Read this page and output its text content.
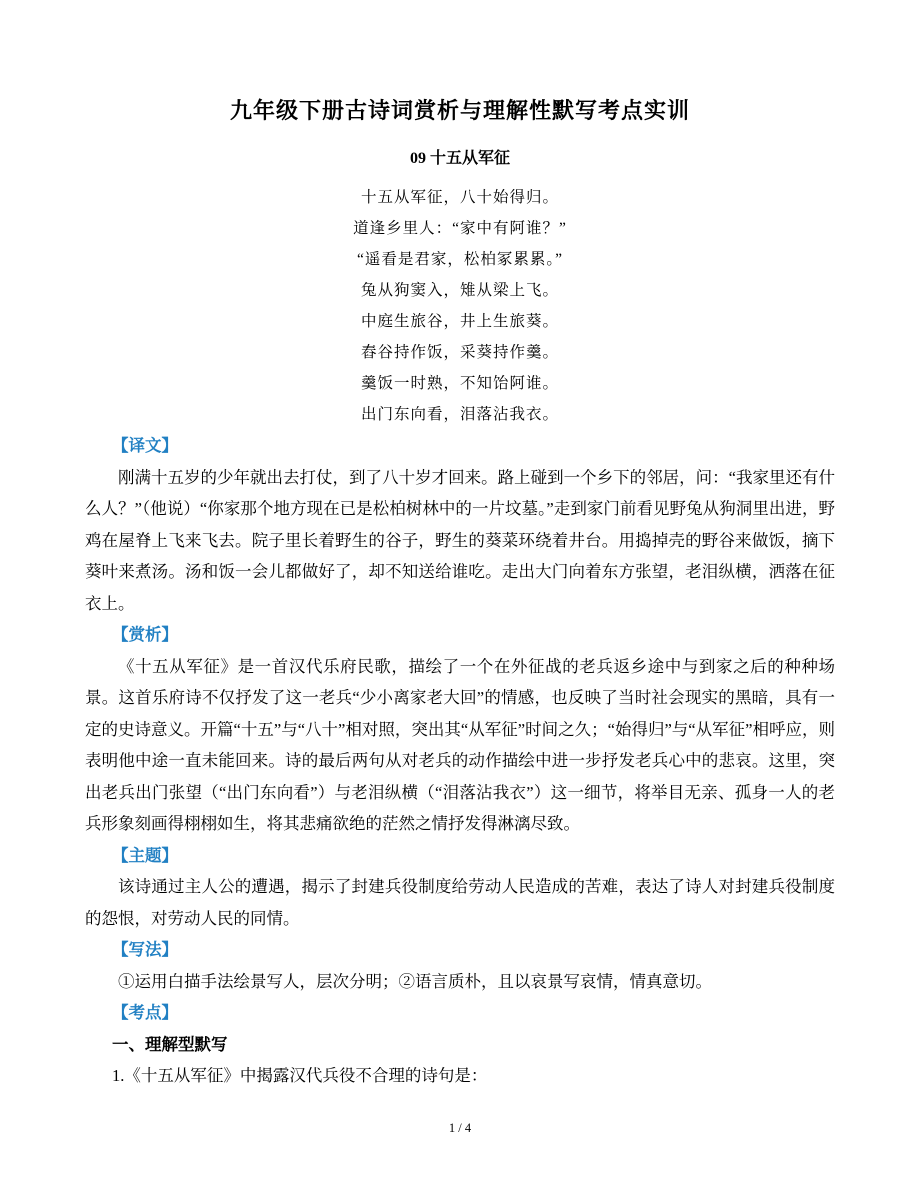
九年级下册古诗词赏析与理解性默写考点实训
09 十五从军征

十五从军征，八十始得归。

道逢乡里人：“家中有阿谁？”

“遥看是君家，松柏冢累累。”

兔从狗窦入，雉从梁上飞。

中庭生旅谷，井上生旅葵。

舂谷持作饭，采葵持作羹。

羹饭一时熟，不知饴阿谁。

出门东向看，泪落沾我衣。

【译文】

刚满十五岁的少年就出去打仗，到了八十岁才回来。路上碰到一个乡下的邻居，问：“我家里还有什么人？”（他说）“你家那个地方现在已是松柏树林中的一片坟墓。”走到家门前看见野兔从狗洞里出进，野鸡在屋脊上飞来飞去。院子里长着野生的谷子，野生的葵菜环绕着井台。用捣掉壳的野谷来做饭，摘下葵叶来煮汤。汤和饭一会儿都做好了，却不知送给谁吃。走出大门向着东方张望，老泪纵横，洒落在征衣上。

【赏析】

《十五从军征》是一首汉代乐府民歌，描绘了一个在外征战的老兵返乡途中与到家之后的种种场景。这首乐府诗不仅抒发了这一老兵“少小离家老大回”的情感，也反映了当时社会现实的黑暗，具有一定的史诗意义。开篇“十五”与“八十”相对照，突出其“从军征”时间之久；“始得归”与“从军征”相呼应，则表明他中途一直未能回来。诗的最后两句从对老兵的动作描绘中进一步抒发老兵心中的悲哀。这里，突出老兵出门张望（“出门东向看”）与老泪纵横（“泪落沾我衣”）这一细节，将举目无亲、孤身一人的老兵形象刻画得栩栩如生，将其悲痛欲绝的茫然之情抒发得淋漓尽致。

【主题】

该诗通过主人公的遭遇，揭示了封建兵役制度给劳动人民造成的苦难，表达了诗人对封建兵役制度的怨恨，对劳动人民的同情。

【写法】

①运用白描手法绘景写人，层次分明；②语言质朴，且以哀景写哀情，情真意切。

【考点】

一、理解型默写

1.《十五从军征》中揭露汉代兵役不合理的诗句是：

1 / 4
